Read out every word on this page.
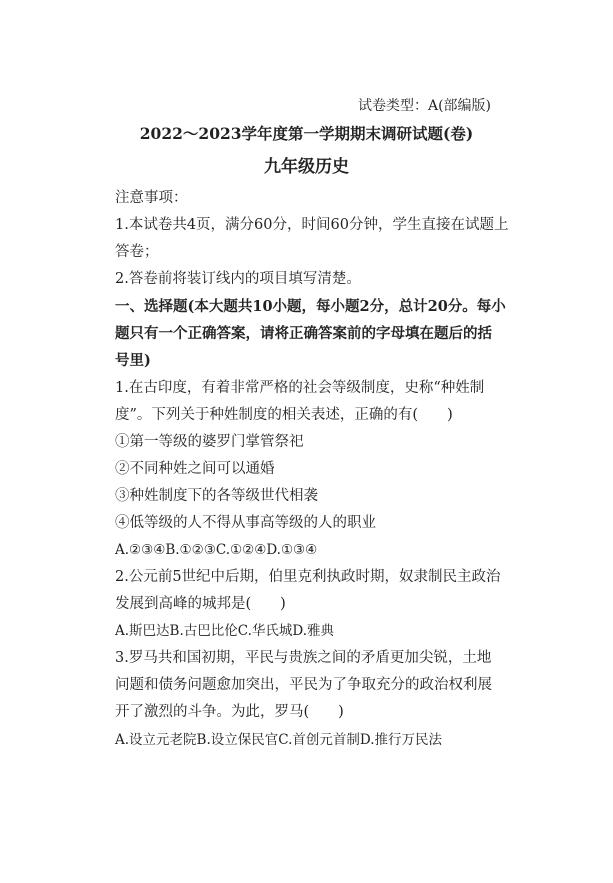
试卷类型：A(部编版)
2022～2023学年度第一学期期末调研试题(卷)
九年级历史
注意事项：
1.本试卷共4页，满分60分，时间60分钟，学生直接在试题上
答卷；
2.答卷前将装订线内的项目填写清楚。
一、选择题(本大题共10小题，每小题2分，总计20分。每小
题只有一个正确答案，请将正确答案前的字母填在题后的括
号里)
1.在古印度，有着非常严格的社会等级制度，史称“种姓制
度”。下列关于种姓制度的相关表述，正确的有(　　)
①第一等级的婆罗门掌管祭祀
②不同种姓之间可以通婚
③种姓制度下的各等级世代相袭
④低等级的人不得从事高等级的人的职业
A.②③④B.①②③C.①②④D.①③④
2.公元前5世纪中后期，伯里克利执政时期，奴隶制民主政治
发展到高峰的城邦是(　　)
A.斯巴达B.古巴比伦C.华氏城D.雅典
3.罗马共和国初期，平民与贵族之间的矛盾更加尖锐，土地
问题和债务问题愈加突出，平民为了争取充分的政治权利展
开了激烈的斗争。为此，罗马(　　)
A.设立元老院B.设立保民官C.首创元首制D.推行万民法
